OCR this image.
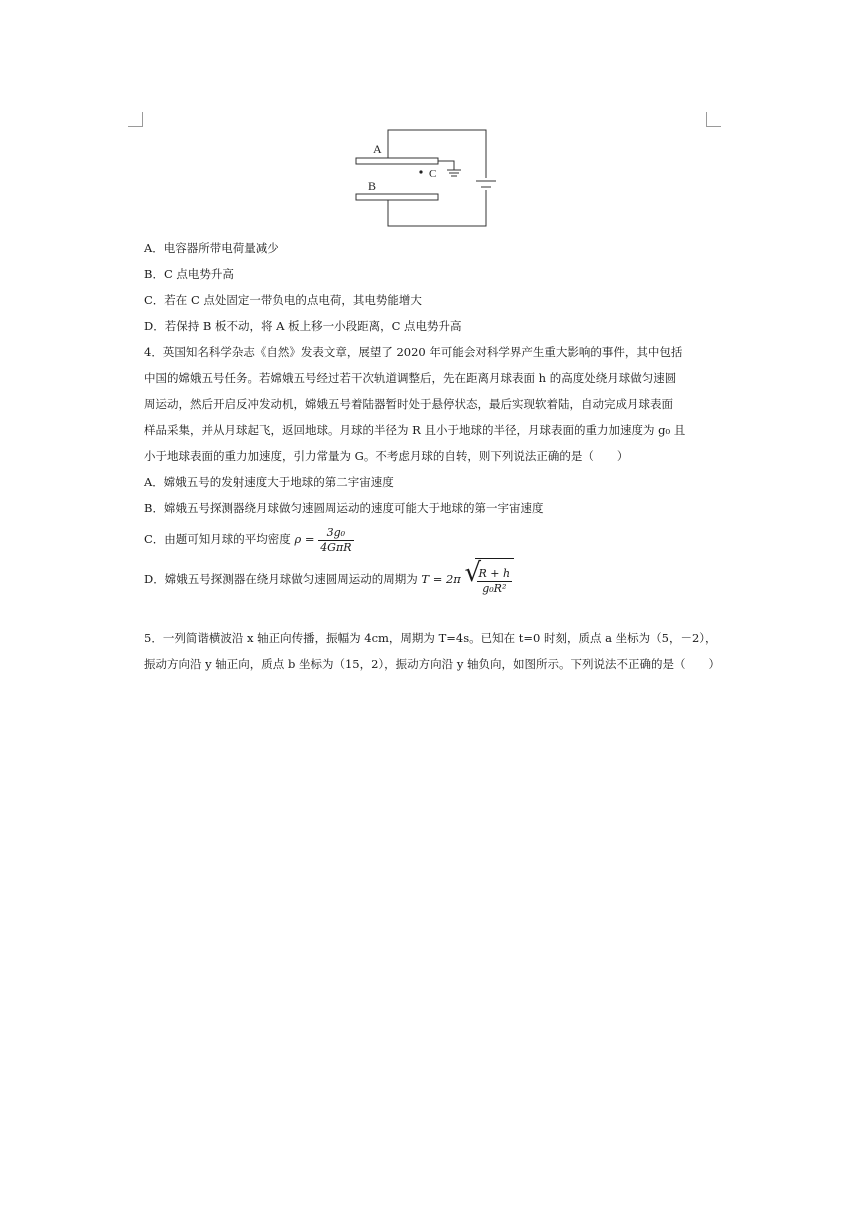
A
B
C
A．电容器所带电荷量减少
B．C 点电势升高
C．若在 C 点处固定一带负电的点电荷，其电势能增大
D．若保持 B 板不动，将 A 板上移一小段距离，C 点电势升高
4．英国知名科学杂志《自然》发表文章，展望了 2020 年可能会对科学界产生重大影响的事件，其中包括
中国的嫦娥五号任务。若嫦娥五号经过若干次轨道调整后，先在距离月球表面 h 的高度处绕月球做匀速圆
周运动，然后开启反冲发动机，嫦娥五号着陆器暂时处于悬停状态，最后实现软着陆，自动完成月球表面
样品采集，并从月球起飞，返回地球。月球的半径为 R 且小于地球的半径，月球表面的重力加速度为 g₀ 且
小于地球表面的重力加速度，引力常量为 G。不考虑月球的自转，则下列说法正确的是（　　）
A．嫦娥五号的发射速度大于地球的第二宇宙速度
B．嫦娥五号探测器绕月球做匀速圆周运动的速度可能大于地球的第一宇宙速度
C．由题可知月球的平均密度 $\rho = \frac{\text{3g₀}}{\text{4GπR}}$
D．嫦娥五号探测器在绕月球做匀速圆周运动的周期为 T = 2π √
$\frac{R + h}{\text{g₀R²}}$
5．一列简谐横波沿 x 轴正向传播，振幅为 4cm，周期为 T=4s。已知在 t=0 时刻，质点 a 坐标为（5，－2），
振动方向沿 y 轴正向，质点 b 坐标为（15，2），振动方向沿 y 轴负向，如图所示。下列说法不正确的是（　　）
